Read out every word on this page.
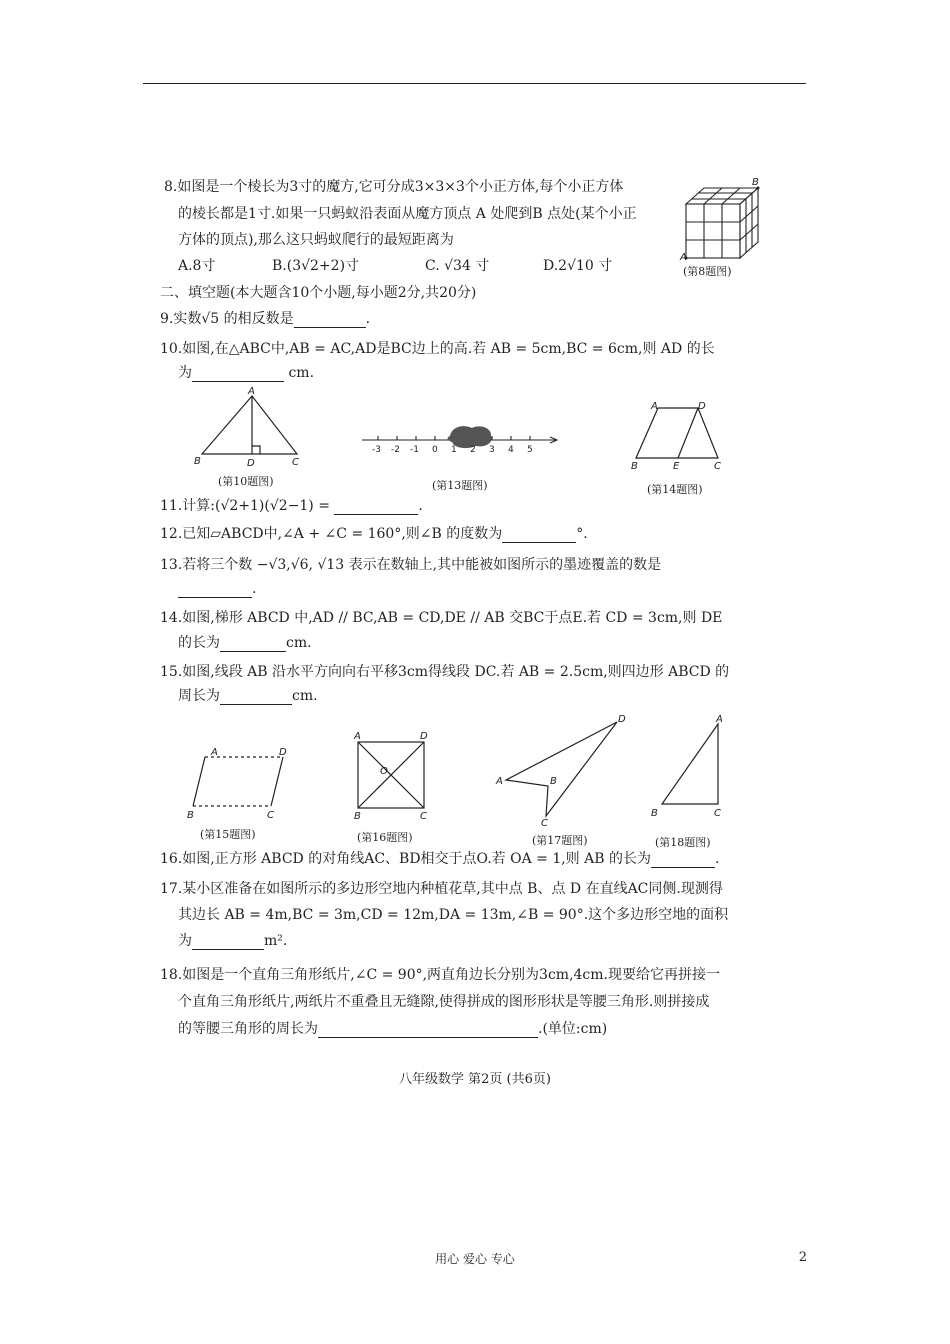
8.如图是一个棱长为3寸的魔方,它可分成3×3×3个小正方体,每个小正方体
的棱长都是1寸.如果一只蚂蚁沿表面从魔方顶点 A 处爬到B 点处(某个小正
方体的顶点),那么这只蚂蚁爬行的最短距离为
A.8寸	B.(3√2+2)寸	C. √34 寸	D.2√10 寸
B
A
(第8题图)
二、填空题(本大题含10个小题,每小题2分,共20分)
9.实数√5 的相反数是	.
10.如图,在△ABC中,AB = AC,AD是BC边上的高.若 AB = 5cm,BC = 6cm,则 AD 的长
为	cm.
A
B	D	C
(第10题图)
-3 -2 -1 0 1 2 3 4 5
(第13题图)
A	D
B	E	C
(第14题图)
11.计算:(√2+1)(√2−1) =	.
12.已知▱ABCD中,∠A + ∠C = 160°,则∠B 的度数为	°.
13.若将三个数 −√3,√6, √13 表示在数轴上,其中能被如图所示的墨迹覆盖的数是
.
14.如图,梯形 ABCD 中,AD // BC,AB = CD,DE // AB 交BC于点E.若 CD = 3cm,则 DE
的长为	cm.
15.如图,线段 AB 沿水平方向向右平移3cm得线段 DC.若 AB = 2.5cm,则四边形 ABCD 的
周长为	cm.
A	D
B	C
(第15题图)
A	D
O
B	C
(第16题图)
D
A	B
C
(第17题图)
A
B	C
(第18题图)
16.如图,正方形 ABCD 的对角线AC、BD相交于点O.若 OA = 1,则 AB 的长为	.
17.某小区准备在如图所示的多边形空地内种植花草,其中点 B、点 D 在直线AC同侧.现测得
其边长 AB = 4m,BC = 3m,CD = 12m,DA = 13m,∠B = 90°.这个多边形空地的面积
为	m².
18.如图是一个直角三角形纸片,∠C = 90°,两直角边长分别为3cm,4cm.现要给它再拼接一
个直角三角形纸片,两纸片不重叠且无缝隙,使得拼成的图形形状是等腰三角形.则拼接成
的等腰三角形的周长为	.(单位:cm)
八年级数学 第2页 (共6页)
用心 爱心 专心	2
